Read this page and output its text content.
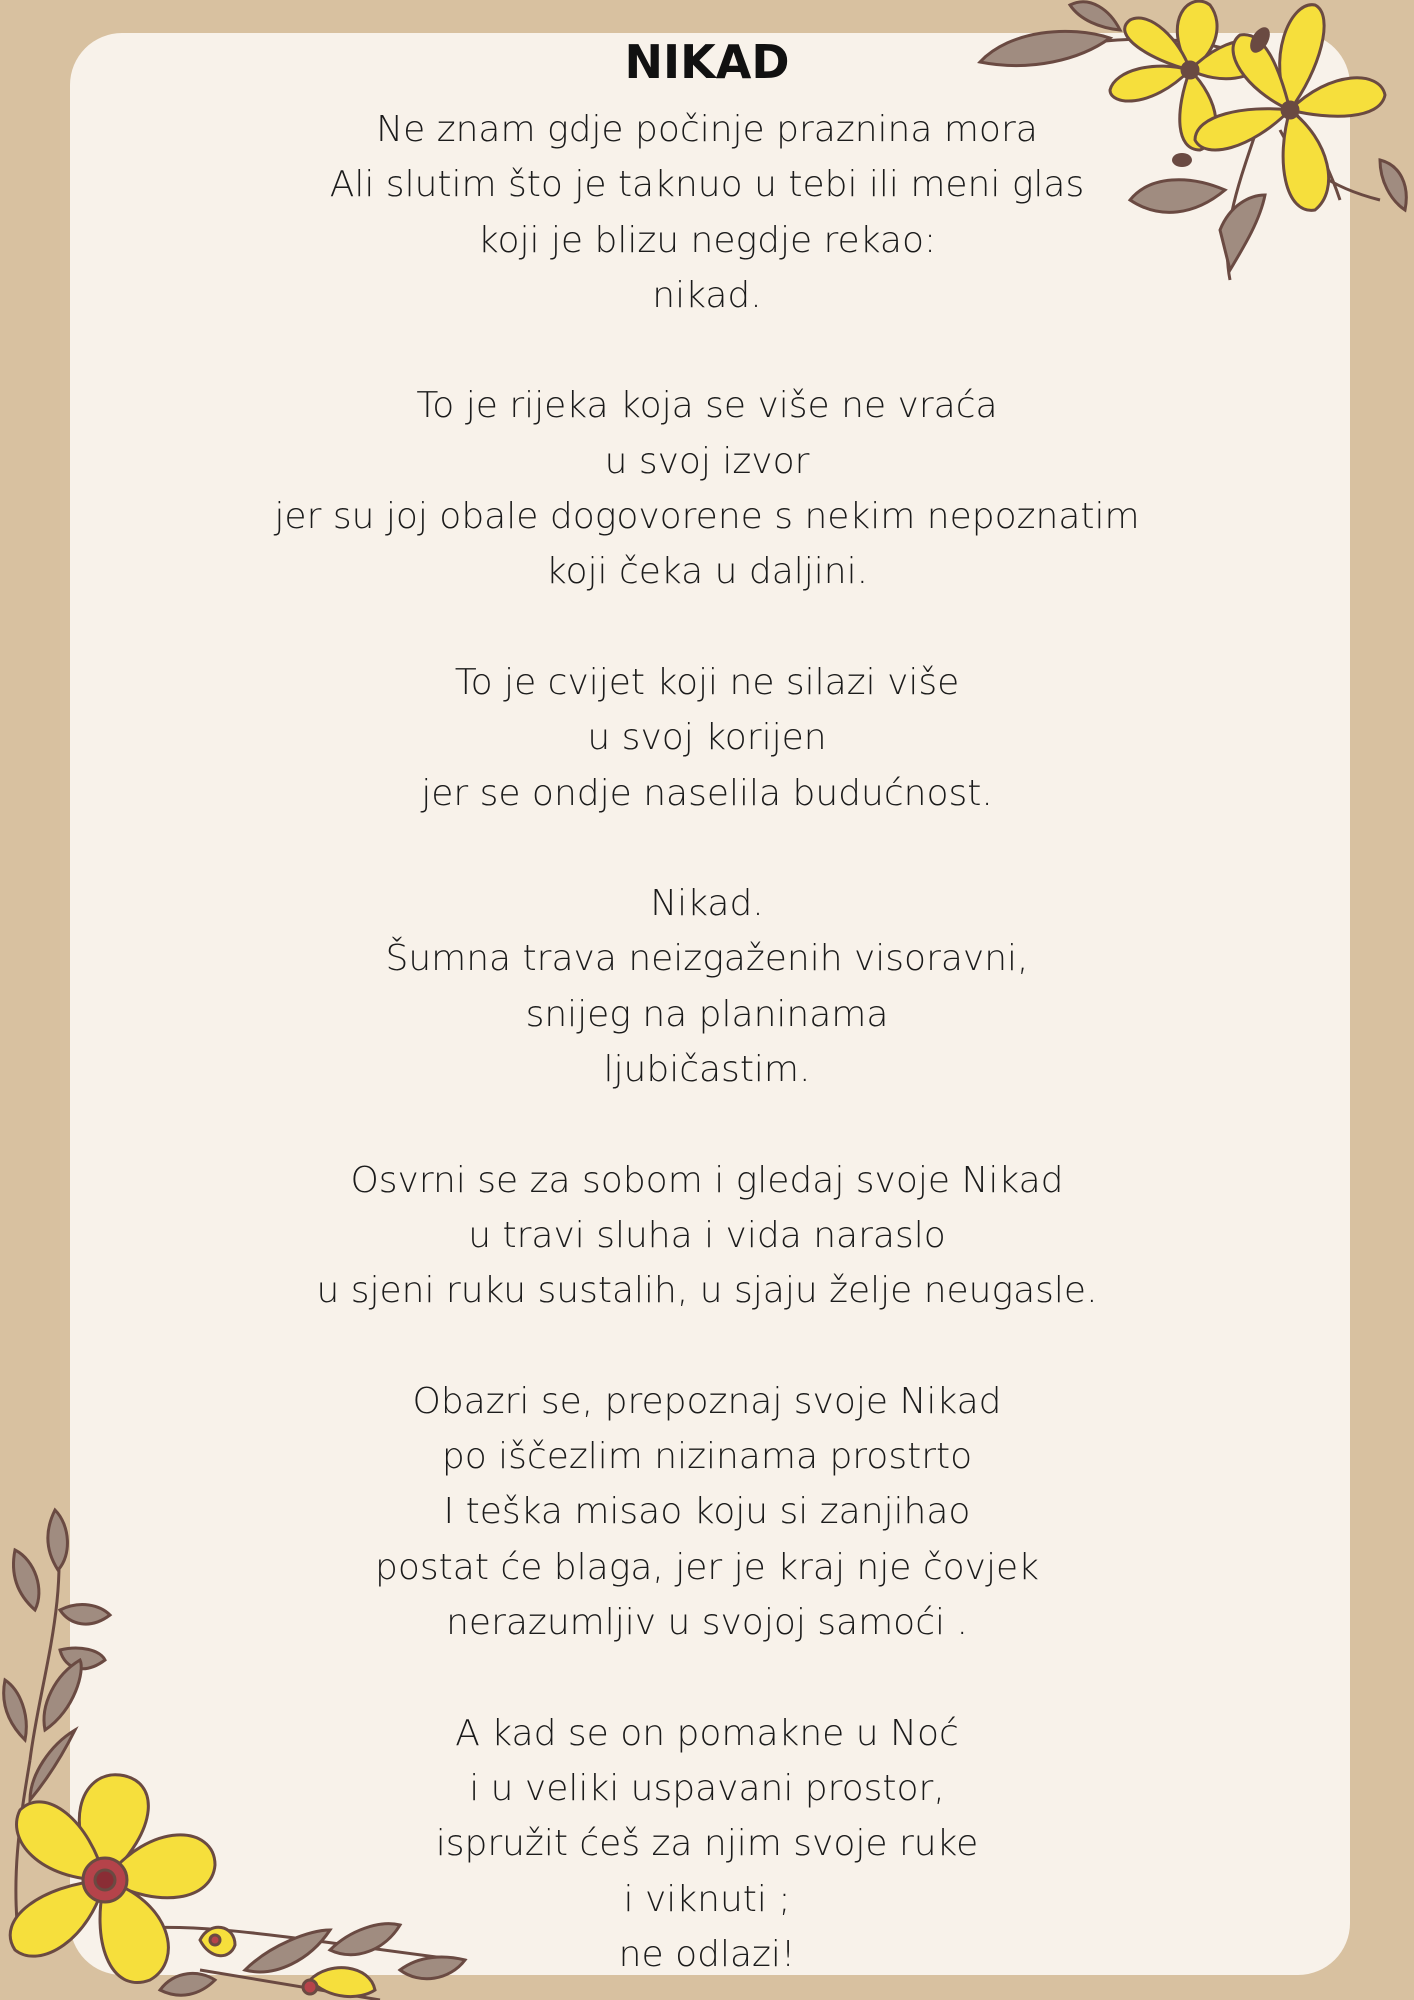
NIKAD
Ne znam gdje počinje praznina mora
Ali slutim što je taknuo u tebi ili meni glas
koji je blizu negdje rekao:
nikad.
To je rijeka koja se više ne vraća
u svoj izvor
jer su joj obale dogovorene s nekim nepoznatim
koji čeka u daljini.
To je cvijet koji ne silazi više
u svoj korijen
jer se ondje naselila budućnost.
Nikad.
Šumna trava neizgaženih visoravni,
snijeg na planinama
ljubičastim.
Osvrni se za sobom i gledaj svoje Nikad
u travi sluha i vida naraslo
u sjeni ruku sustalih, u sjaju želje neugasle.
Obazri se, prepoznaj svoje Nikad
po iščezlim nizinama prostrto
I teška misao koju si zanjihao
postat će blaga, jer je kraj nje čovjek
nerazumljiv u svojoj samoći .
A kad se on pomakne u Noć
i u veliki uspavani prostor,
ispružit ćeš za njim svoje ruke
i viknuti ;
ne odlazi!
